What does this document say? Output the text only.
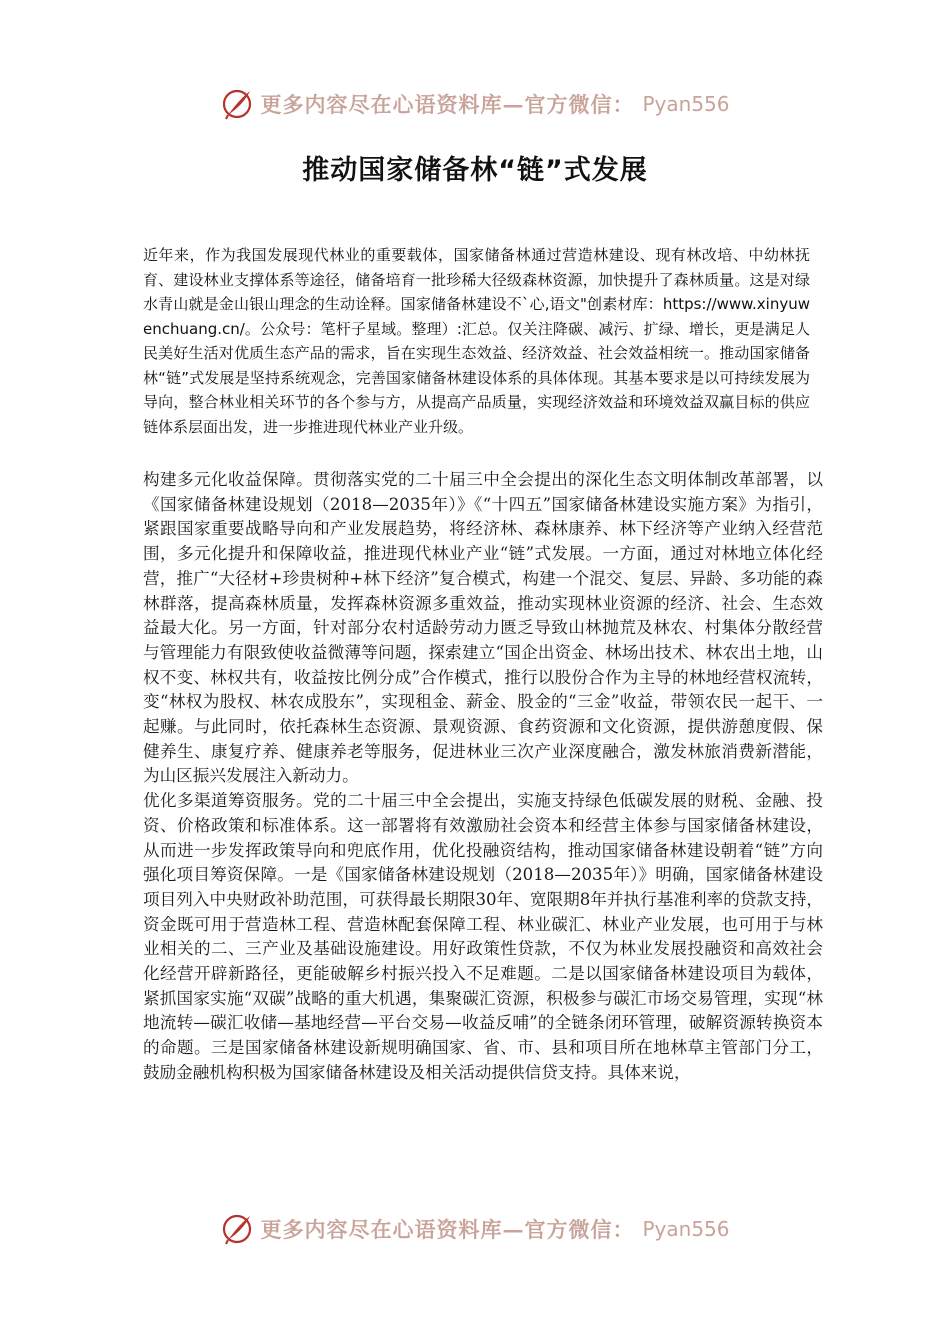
更多内容尽在心语资料库—官方微信： Pyan556
推动国家储备林“链”式发展

近年来，作为我国发展现代林业的重要载体，国家储备林通过营造林建设、现有林改培、中幼林抚育、建设林业支撑体系等途径，储备培育一批珍稀大径级森林资源，加快提升了森林质量。这是对绿水青山就是金山银山理念的生动诠释。国家储备林建设不`心,语文"创素材库：https://www.xinyuwenchuang.cn/。公众号：笔杆子星域。整理）:汇总。仅关注降碳、减污、扩绿、增长，更是满足人民美好生活对优质生态产品的需求，旨在实现生态效益、经济效益、社会效益相统一。推动国家储备林“链”式发展是坚持系统观念，完善国家储备林建设体系的具体体现。其基本要求是以可持续发展为导向，整合林业相关环节的各个参与方，从提高产品质量，实现经济效益和环境效益双赢目标的供应链体系层面出发，进一步推进现代林业产业升级。

构建多元化收益保障。贯彻落实党的二十届三中全会提出的深化生态文明体制改革部署，以《国家储备林建设规划（2018—2035年）》《“十四五”国家储备林建设实施方案》为指引，紧跟国家重要战略导向和产业发展趋势，将经济林、森林康养、林下经济等产业纳入经营范围，多元化提升和保障收益，推进现代林业产业“链”式发展。一方面，通过对林地立体化经营，推广“大径材+珍贵树种+林下经济”复合模式，构建一个混交、复层、异龄、多功能的森林群落，提高森林质量，发挥森林资源多重效益，推动实现林业资源的经济、社会、生态效益最大化。另一方面，针对部分农村适龄劳动力匮乏导致山林抛荒及林农、村集体分散经营与管理能力有限致使收益微薄等问题，探索建立“国企出资金、林场出技术、林农出土地，山权不变、林权共有，收益按比例分成”合作模式，推行以股份合作为主导的林地经营权流转，变“林权为股权、林农成股东”，实现租金、薪金、股金的“三金”收益，带领农民一起干、一起赚。与此同时，依托森林生态资源、景观资源、食药资源和文化资源，提供游憩度假、保健养生、康复疗养、健康养老等服务，促进林业三次产业深度融合，激发林旅消费新潜能，为山区振兴发展注入新动力。

优化多渠道筹资服务。党的二十届三中全会提出，实施支持绿色低碳发展的财税、金融、投资、价格政策和标准体系。这一部署将有效激励社会资本和经营主体参与国家储备林建设，从而进一步发挥政策导向和兜底作用，优化投融资结构，推动国家储备林建设朝着“链”方向强化项目筹资保障。一是《国家储备林建设规划（2018—2035年）》明确，国家储备林建设项目列入中央财政补助范围，可获得最长期限30年、宽限期8年并执行基准利率的贷款支持，资金既可用于营造林工程、营造林配套保障工程、林业碳汇、林业产业发展，也可用于与林业相关的二、三产业及基础设施建设。用好政策性贷款，不仅为林业发展投融资和高效社会化经营开辟新路径，更能破解乡村振兴投入不足难题。二是以国家储备林建设项目为载体，紧抓国家实施“双碳”战略的重大机遇，集聚碳汇资源，积极参与碳汇市场交易管理，实现“林地流转—碳汇收储—基地经营—平台交易—收益反哺”的全链条闭环管理，破解资源转换资本的命题。三是国家储备林建设新规明确国家、省、市、县和项目所在地林草主管部门分工，鼓励金融机构积极为国家储备林建设及相关活动提供信贷支持。具体来说，

更多内容尽在心语资料库—官方微信： Pyan556
